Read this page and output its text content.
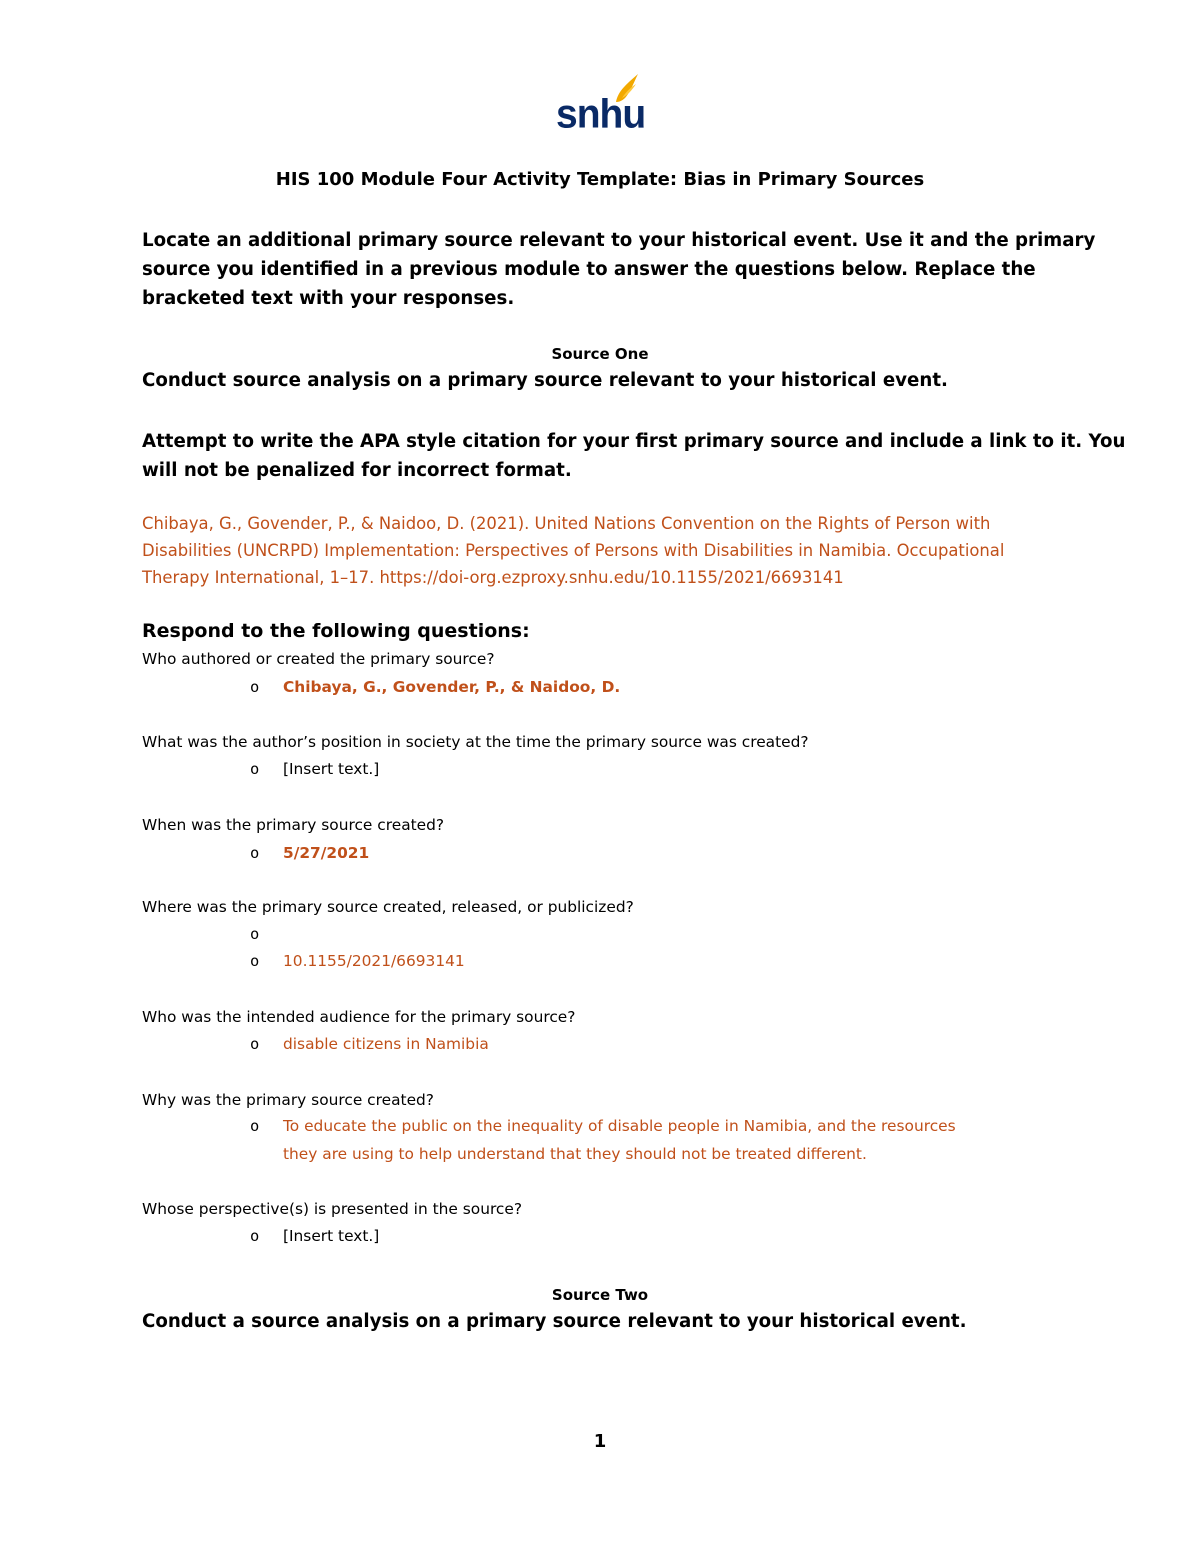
snhu
HIS 100 Module Four Activity Template: Bias in Primary Sources
Locate an additional primary source relevant to your historical event. Use it and the primary
source you identified in a previous module to answer the questions below. Replace the
bracketed text with your responses.
Source One
Conduct source analysis on a primary source relevant to your historical event.
Attempt to write the APA style citation for your first primary source and include a link to it. You
will not be penalized for incorrect format.
Chibaya, G., Govender, P., & Naidoo, D. (2021). United Nations Convention on the Rights of Person with
Disabilities (UNCRPD) Implementation: Perspectives of Persons with Disabilities in Namibia. Occupational
Therapy International, 1–17. https://doi-org.ezproxy.snhu.edu/10.1155/2021/6693141
Respond to the following questions:
Who authored or created the primary source?
o Chibaya, G., Govender, P., & Naidoo, D.
What was the author’s position in society at the time the primary source was created?
o [Insert text.]
When was the primary source created?
o 5/27/2021
Where was the primary source created, released, or publicized?
o
o 10.1155/2021/6693141
Who was the intended audience for the primary source?
o disable citizens in Namibia
Why was the primary source created?
o To educate the public on the inequality of disable people in Namibia, and the resources
they are using to help understand that they should not be treated different.
Whose perspective(s) is presented in the source?
o [Insert text.]
Source Two
Conduct a source analysis on a primary source relevant to your historical event.
1
